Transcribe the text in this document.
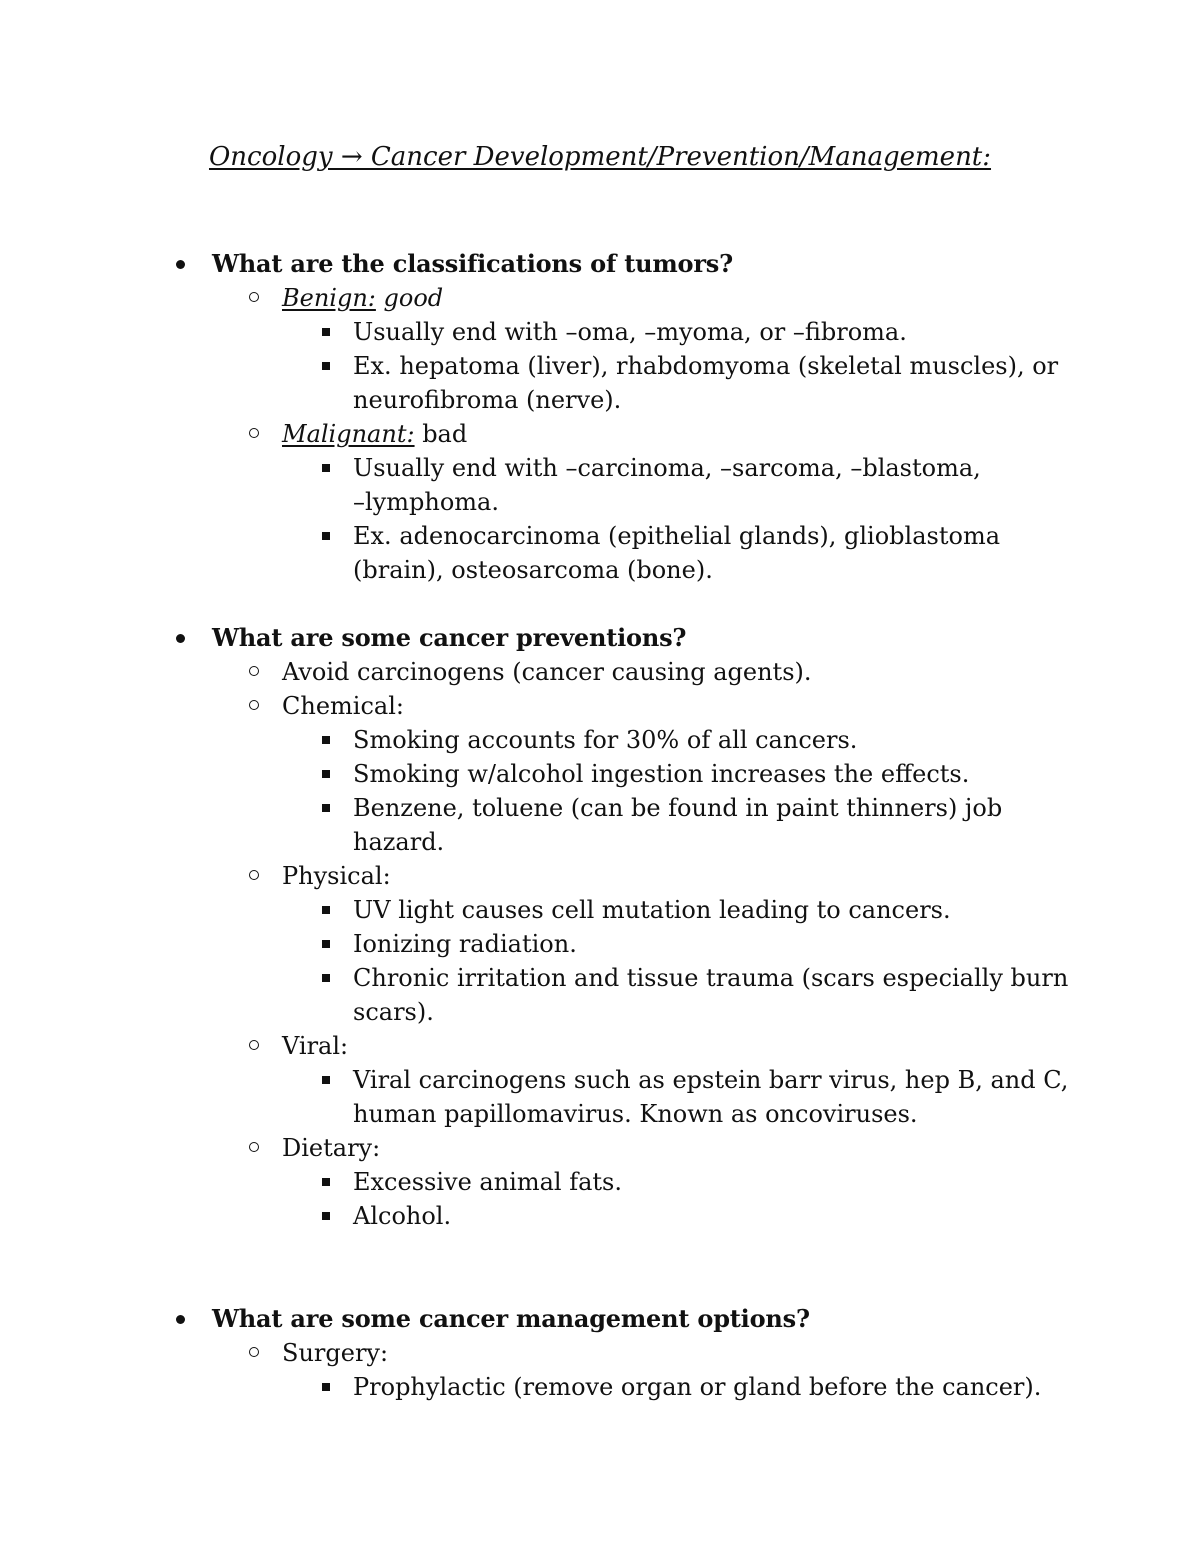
Oncology → Cancer Development/Prevention/Management:
What are the classifications of tumors?
Benign: good
Usually end with –oma, –myoma, or –fibroma.
Ex. hepatoma (liver), rhabdomyoma (skeletal muscles), or
neurofibroma (nerve).
Malignant: bad
Usually end with –carcinoma, –sarcoma, –blastoma,
–lymphoma.
Ex. adenocarcinoma (epithelial glands), glioblastoma
(brain), osteosarcoma (bone).
What are some cancer preventions?
Avoid carcinogens (cancer causing agents).
Chemical:
Smoking accounts for 30% of all cancers.
Smoking w/alcohol ingestion increases the effects.
Benzene, toluene (can be found in paint thinners) job
hazard.
Physical:
UV light causes cell mutation leading to cancers.
Ionizing radiation.
Chronic irritation and tissue trauma (scars especially burn
scars).
Viral:
Viral carcinogens such as epstein barr virus, hep B, and C,
human papillomavirus. Known as oncoviruses.
Dietary:
Excessive animal fats.
Alcohol.
What are some cancer management options?
Surgery:
Prophylactic (remove organ or gland before the cancer).
